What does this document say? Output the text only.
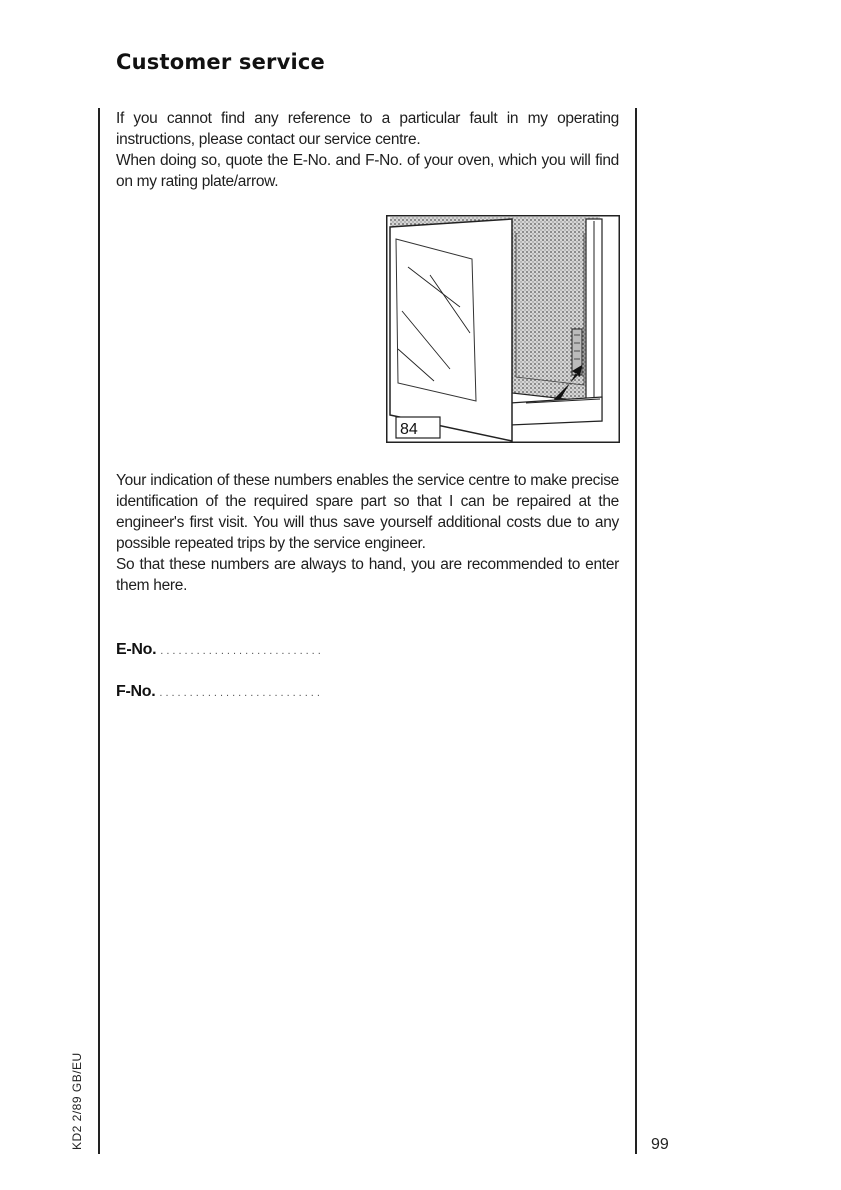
Customer service

If you cannot find any reference to a particular fault in my operating instructions, please contact our service centre.
When doing so, quote the E-No. and F-No. of your oven, which you will find on my rating plate/arrow.

84

Your indication of these numbers enables the service centre to make precise identification of the required spare part so that I can be repaired at the engineer's first visit. You will thus save yourself additional costs due to any possible repeated trips by the service engineer.
So that these numbers are always to hand, you are recommended to enter them here.

E-No. ...........................
F-No. ...........................
KD2 2/89 GB/EU	99
